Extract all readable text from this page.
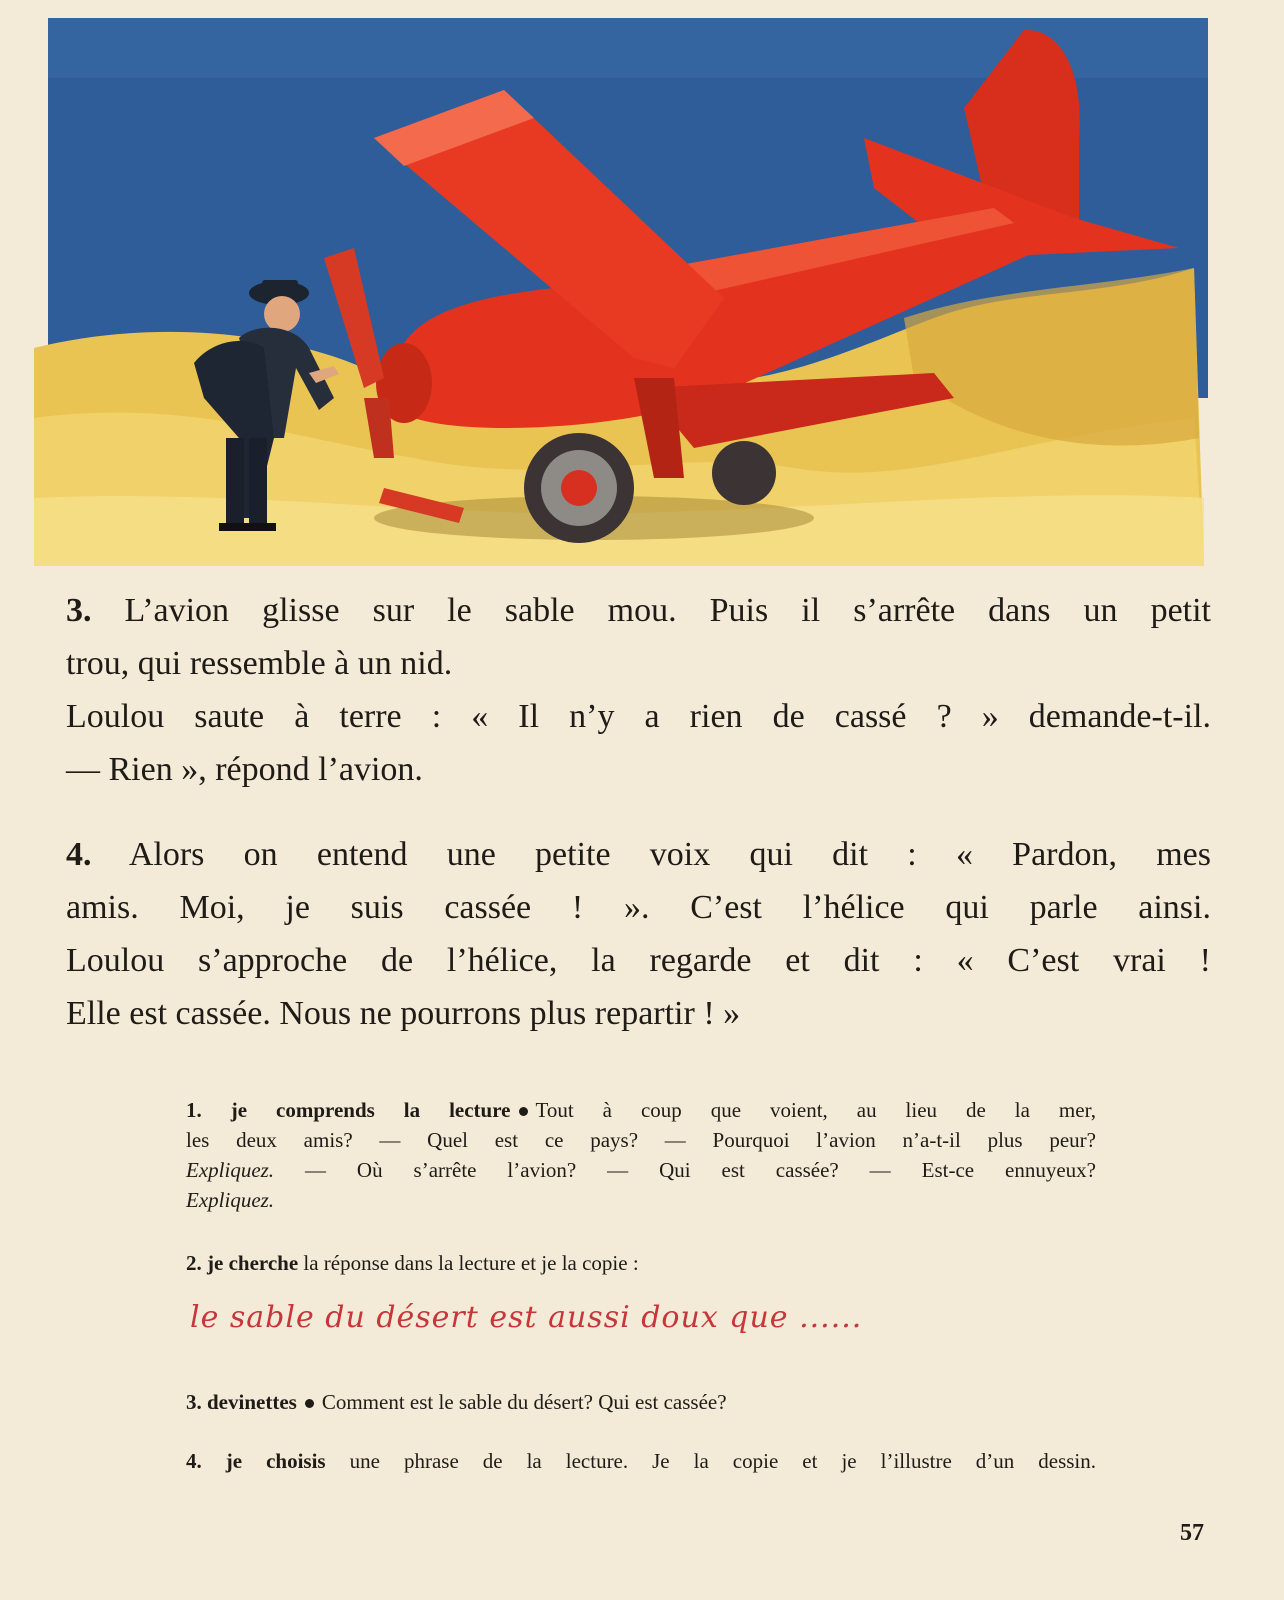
3. L’avion glisse sur le sable mou. Puis il s’arrête dans un petit
trou, qui ressemble à un nid.
Loulou saute à terre : « Il n’y a rien de cassé ? » demande-t-il.
— Rien », répond l’avion.
4. Alors on entend une petite voix qui dit : « Pardon, mes
amis. Moi, je suis cassée ! ». C’est l’hélice qui parle ainsi.
Loulou s’approche de l’hélice, la regarde et dit : « C’est vrai !
Elle est cassée. Nous ne pourrons plus repartir ! »
1. je comprends la lecture Tout à coup que voient, au lieu de la mer,
les deux amis? — Quel est ce pays? — Pourquoi l’avion n’a-t-il plus peur?
Expliquez. — Où s’arrête l’avion? — Qui est cassée? — Est-ce ennuyeux?
Expliquez.
2. je cherche la réponse dans la lecture et je la copie :
le sable du désert est aussi doux que ......
3. devinettes Comment est le sable du désert? Qui est cassée?
4. je choisis une phrase de la lecture. Je la copie et je l’illustre d’un dessin.
57
